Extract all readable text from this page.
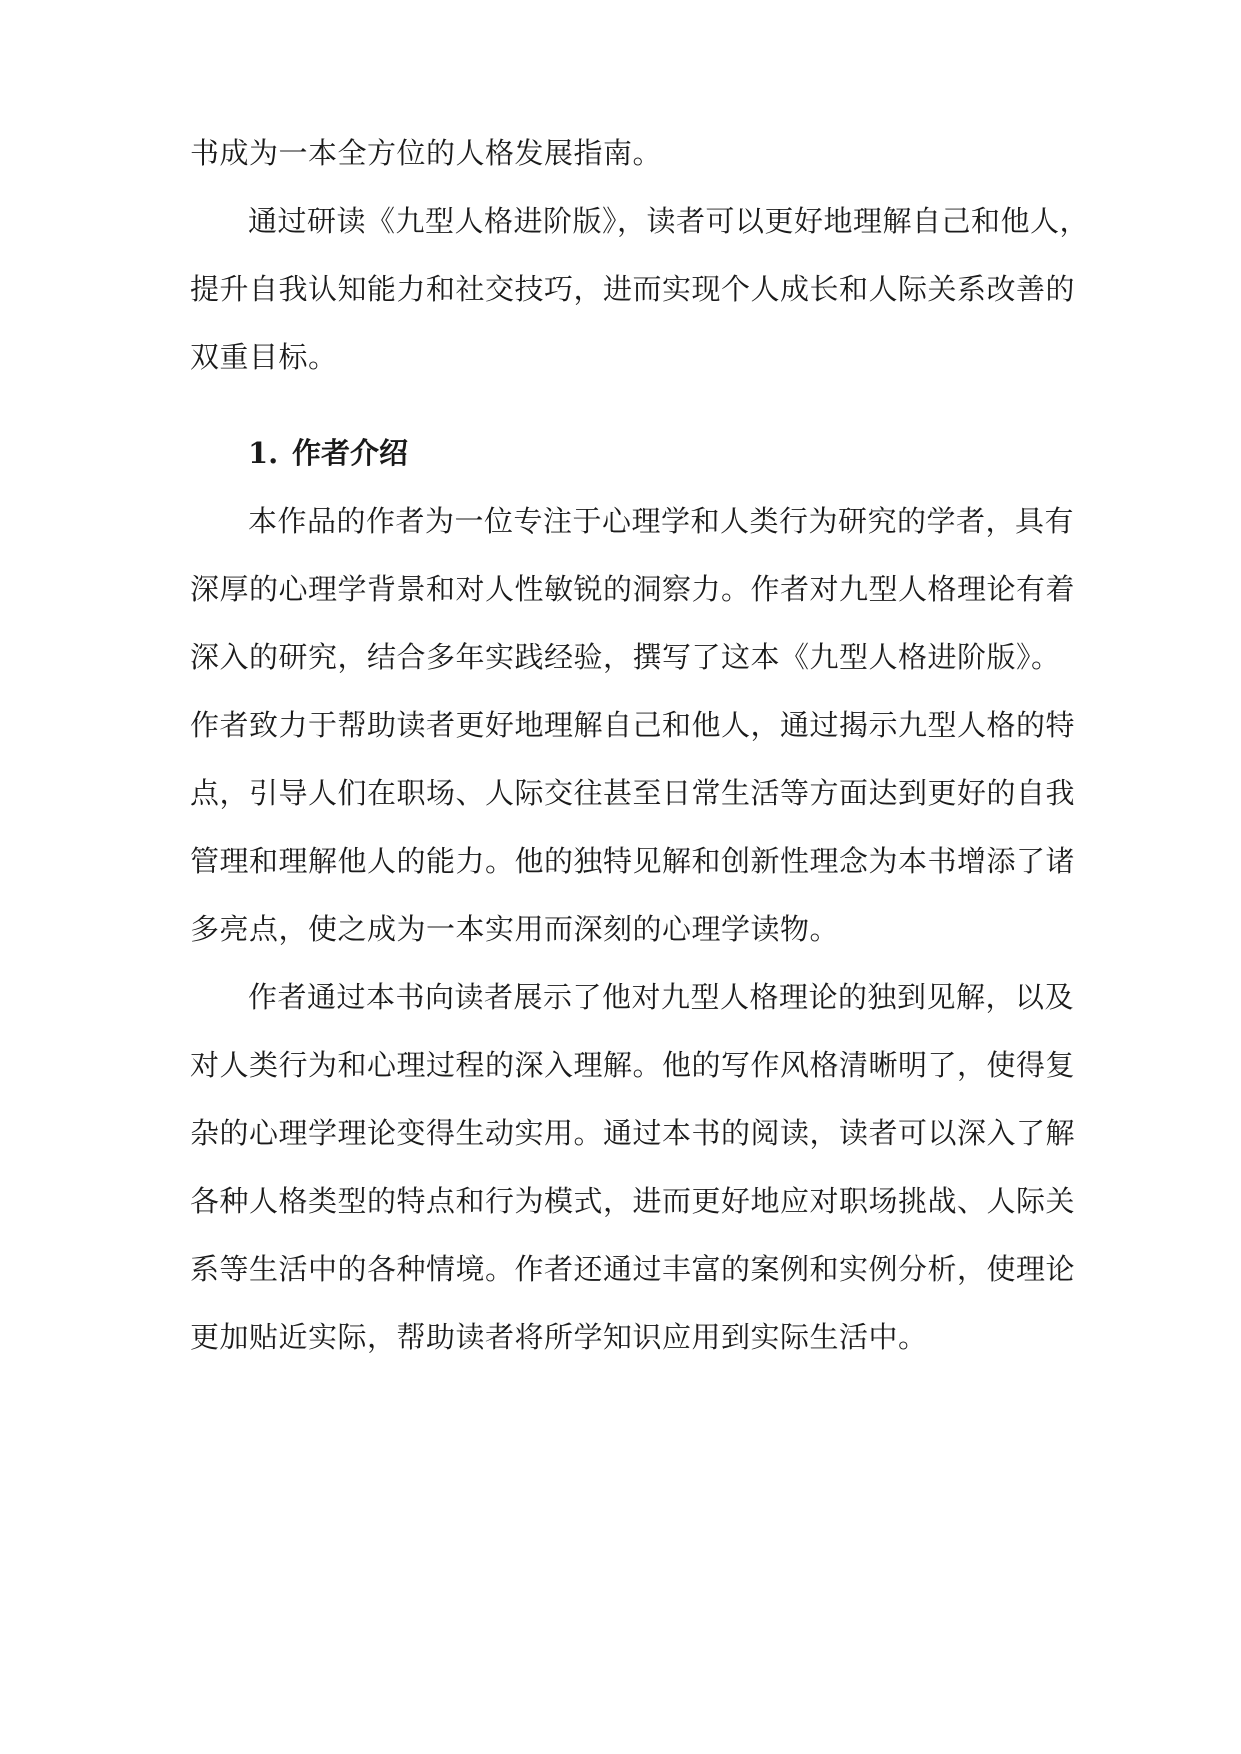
书成为一本全方位的人格发展指南。
通过研读《九型人格进阶版》，读者可以更好地理解自己和他人，
提升自我认知能力和社交技巧，进而实现个人成长和人际关系改善的
双重目标。
1. 作者介绍
本作品的作者为一位专注于心理学和人类行为研究的学者，具有
深厚的心理学背景和对人性敏锐的洞察力。作者对九型人格理论有着
深入的研究，结合多年实践经验，撰写了这本《九型人格进阶版》。
作者致力于帮助读者更好地理解自己和他人，通过揭示九型人格的特
点，引导人们在职场、人际交往甚至日常生活等方面达到更好的自我
管理和理解他人的能力。他的独特见解和创新性理念为本书增添了诸
多亮点，使之成为一本实用而深刻的心理学读物。
作者通过本书向读者展示了他对九型人格理论的独到见解，以及
对人类行为和心理过程的深入理解。他的写作风格清晰明了，使得复
杂的心理学理论变得生动实用。通过本书的阅读，读者可以深入了解
各种人格类型的特点和行为模式，进而更好地应对职场挑战、人际关
系等生活中的各种情境。作者还通过丰富的案例和实例分析，使理论
更加贴近实际，帮助读者将所学知识应用到实际生活中。
